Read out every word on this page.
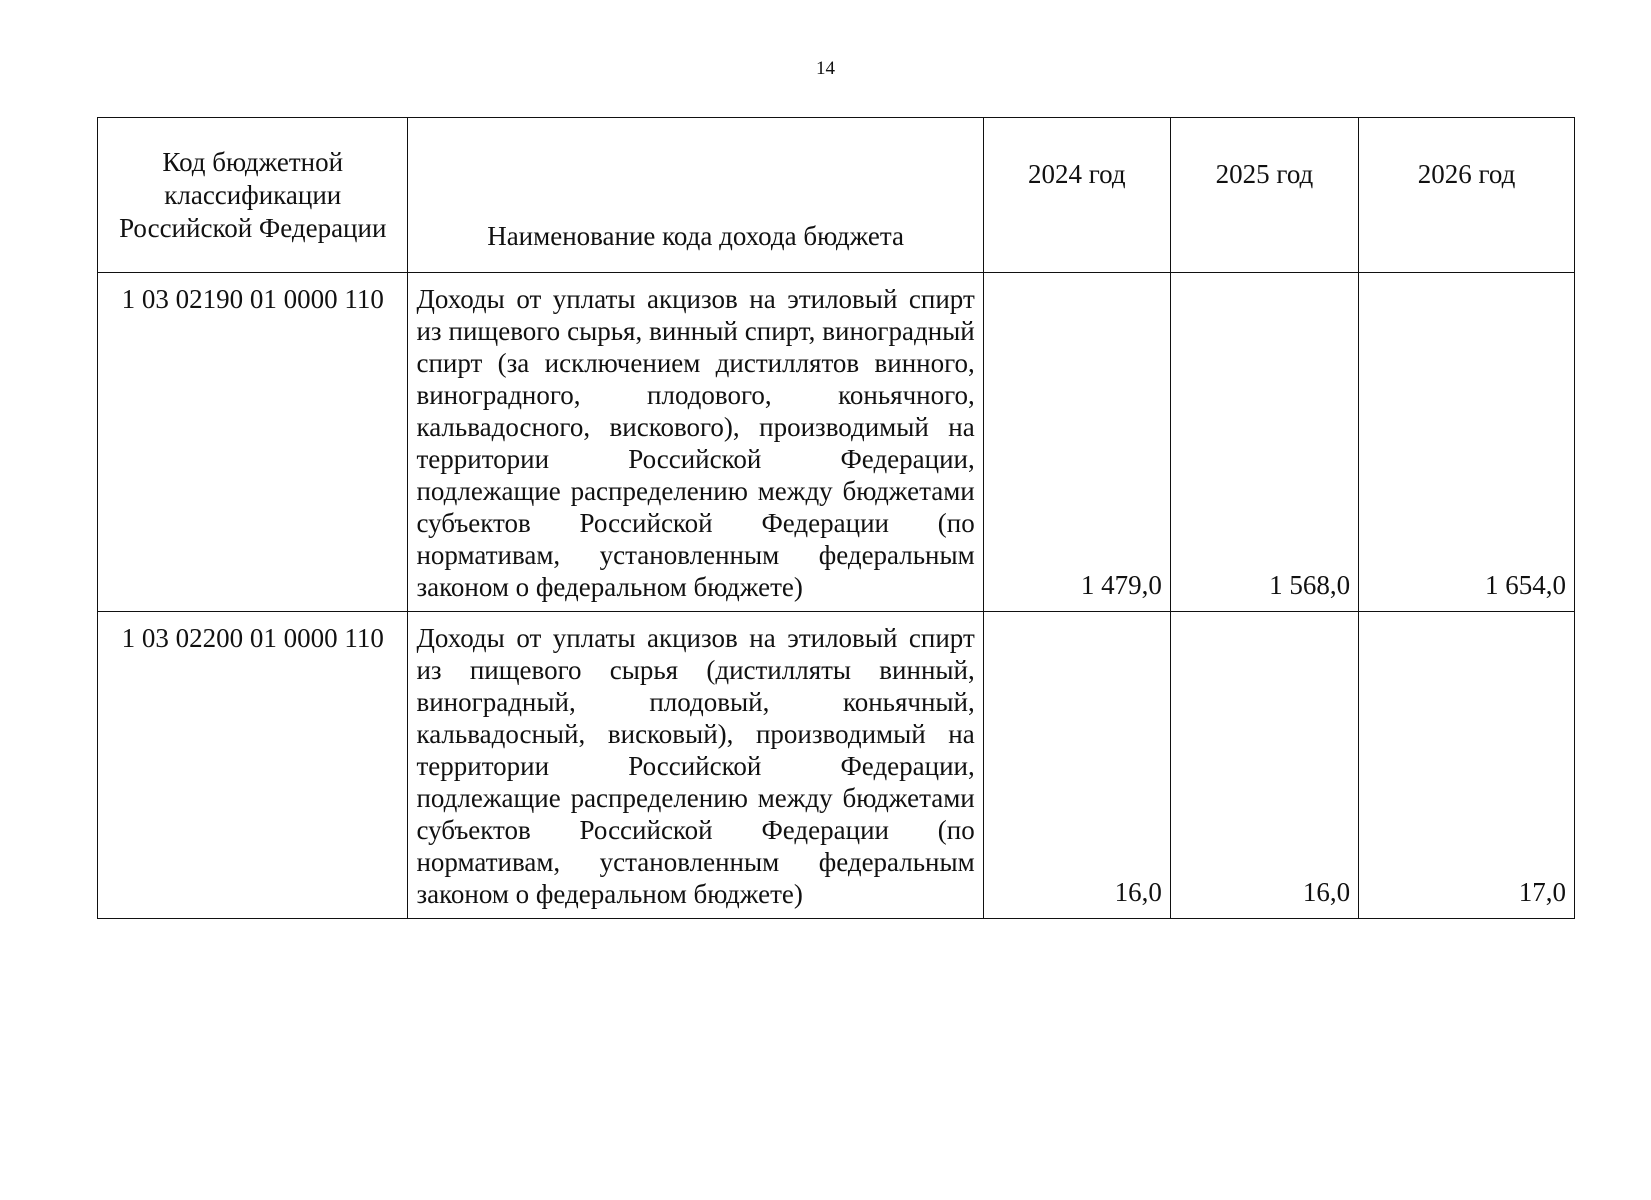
14
Код бюджетной классификации Российской Федерации	Наименование кода дохода бюджета	2024 год	2025 год	2026 год
1 03 02190 01 0000 110	Доходы от уплаты акцизов на этиловый спирт из пищевого сырья, винный спирт, виноградный спирт (за исключением дистиллятов винного, виноградного, плодового, коньячного, кальвадосного, вискового), производимый на территории Российской Федерации, подлежащие распределению между бюджетами субъектов Российской Федерации (по нормативам, установленным федеральным законом о федеральном бюджете)	1 479,0	1 568,0	1 654,0
1 03 02200 01 0000 110	Доходы от уплаты акцизов на этиловый спирт из пищевого сырья (дистилляты винный, виноградный, плодовый, коньячный, кальвадосный, висковый), производимый на территории Российской Федерации, подлежащие распределению между бюджетами субъектов Российской Федерации (по нормативам, установленным федеральным законом о федеральном бюджете)	16,0	16,0	17,0
